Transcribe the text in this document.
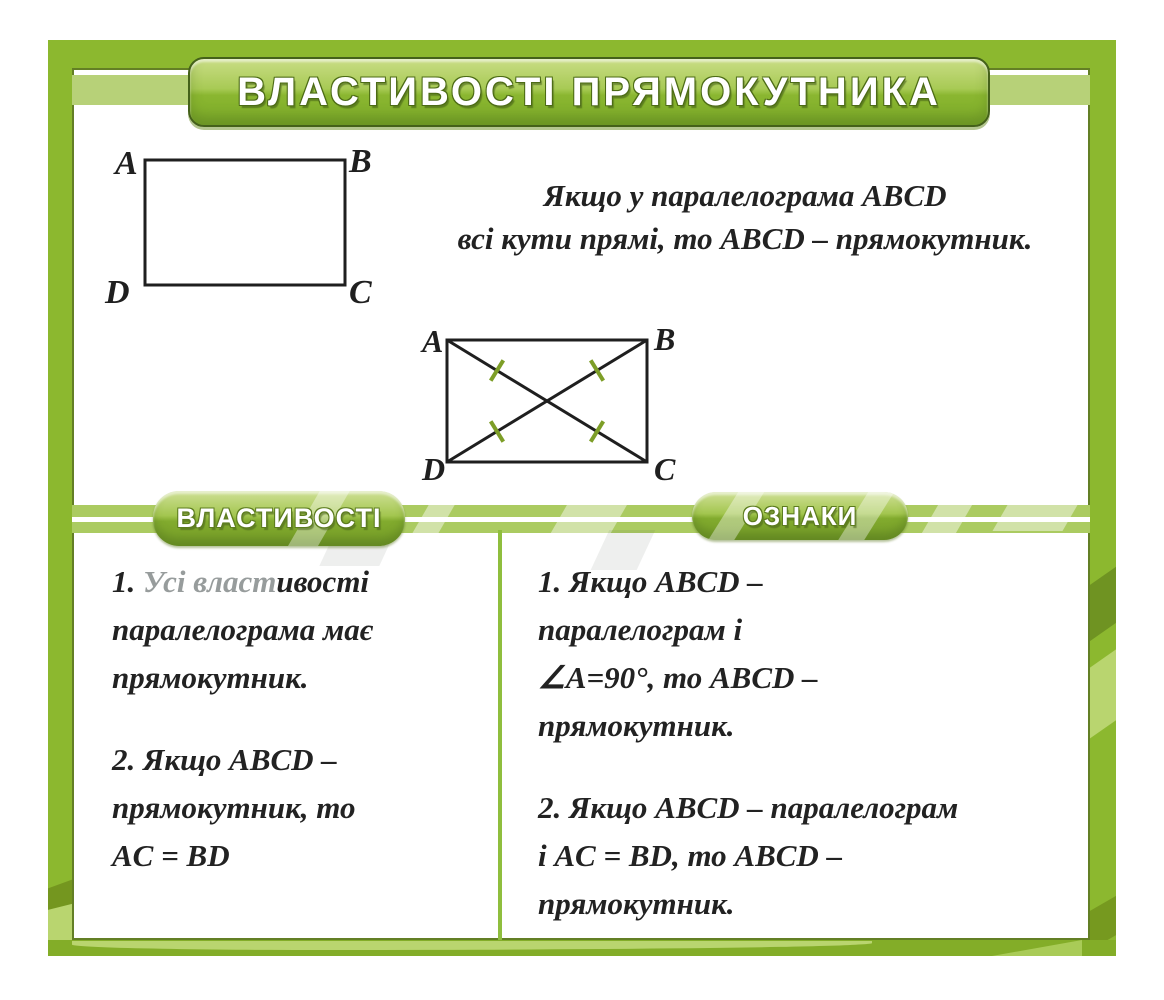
ВЛАСТИВОСТІ ПРЯМОКУТНИКА
A	B
D	C
Якщо у паралелограма ABCD
всі кути прямі, то ABCD – прямокутник.
A	B
D	C
ВЛАСТИВОСТІ	ОЗНАКИ
1. Усі властивості
паралелограма має
прямокутник.
2. Якщо ABCD –
прямокутник, то
AC = BD
1. Якщо ABCD –
паралелограм і
∠A=90°, то ABCD –
прямокутник.
2. Якщо ABCD – паралелограм
і AC = BD, то ABCD –
прямокутник.
